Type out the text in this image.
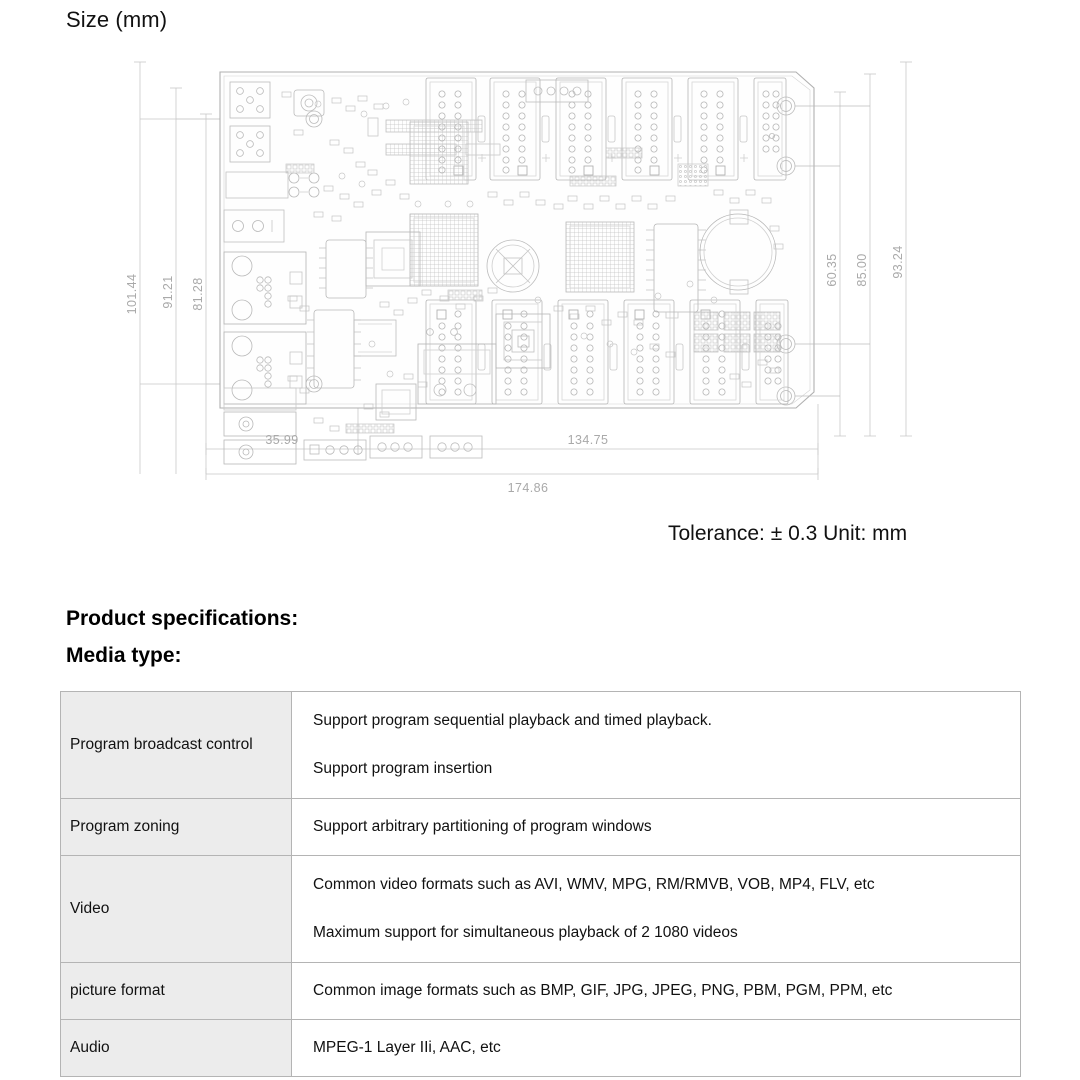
Size (mm)
101.44 91.21 81.28
60.35 85.00 93.24
35.99	134.75
174.86
Tolerance: ± 0.3 Unit: mm
Product specifications:
Media type:
Program broadcast control	Support program sequential playback and timed playback.
Support program insertion

Program zoning	Support arbitrary partitioning of program windows

Video	Common video formats such as AVI, WMV, MPG, RM/RMVB, VOB, MP4, FLV, etc
Maximum support for simultaneous playback of 2 1080 videos

picture format	Common image formats such as BMP, GIF, JPG, JPEG, PNG, PBM, PGM, PPM, etc

Audio	MPEG-1 Layer IIi, AAC, etc
